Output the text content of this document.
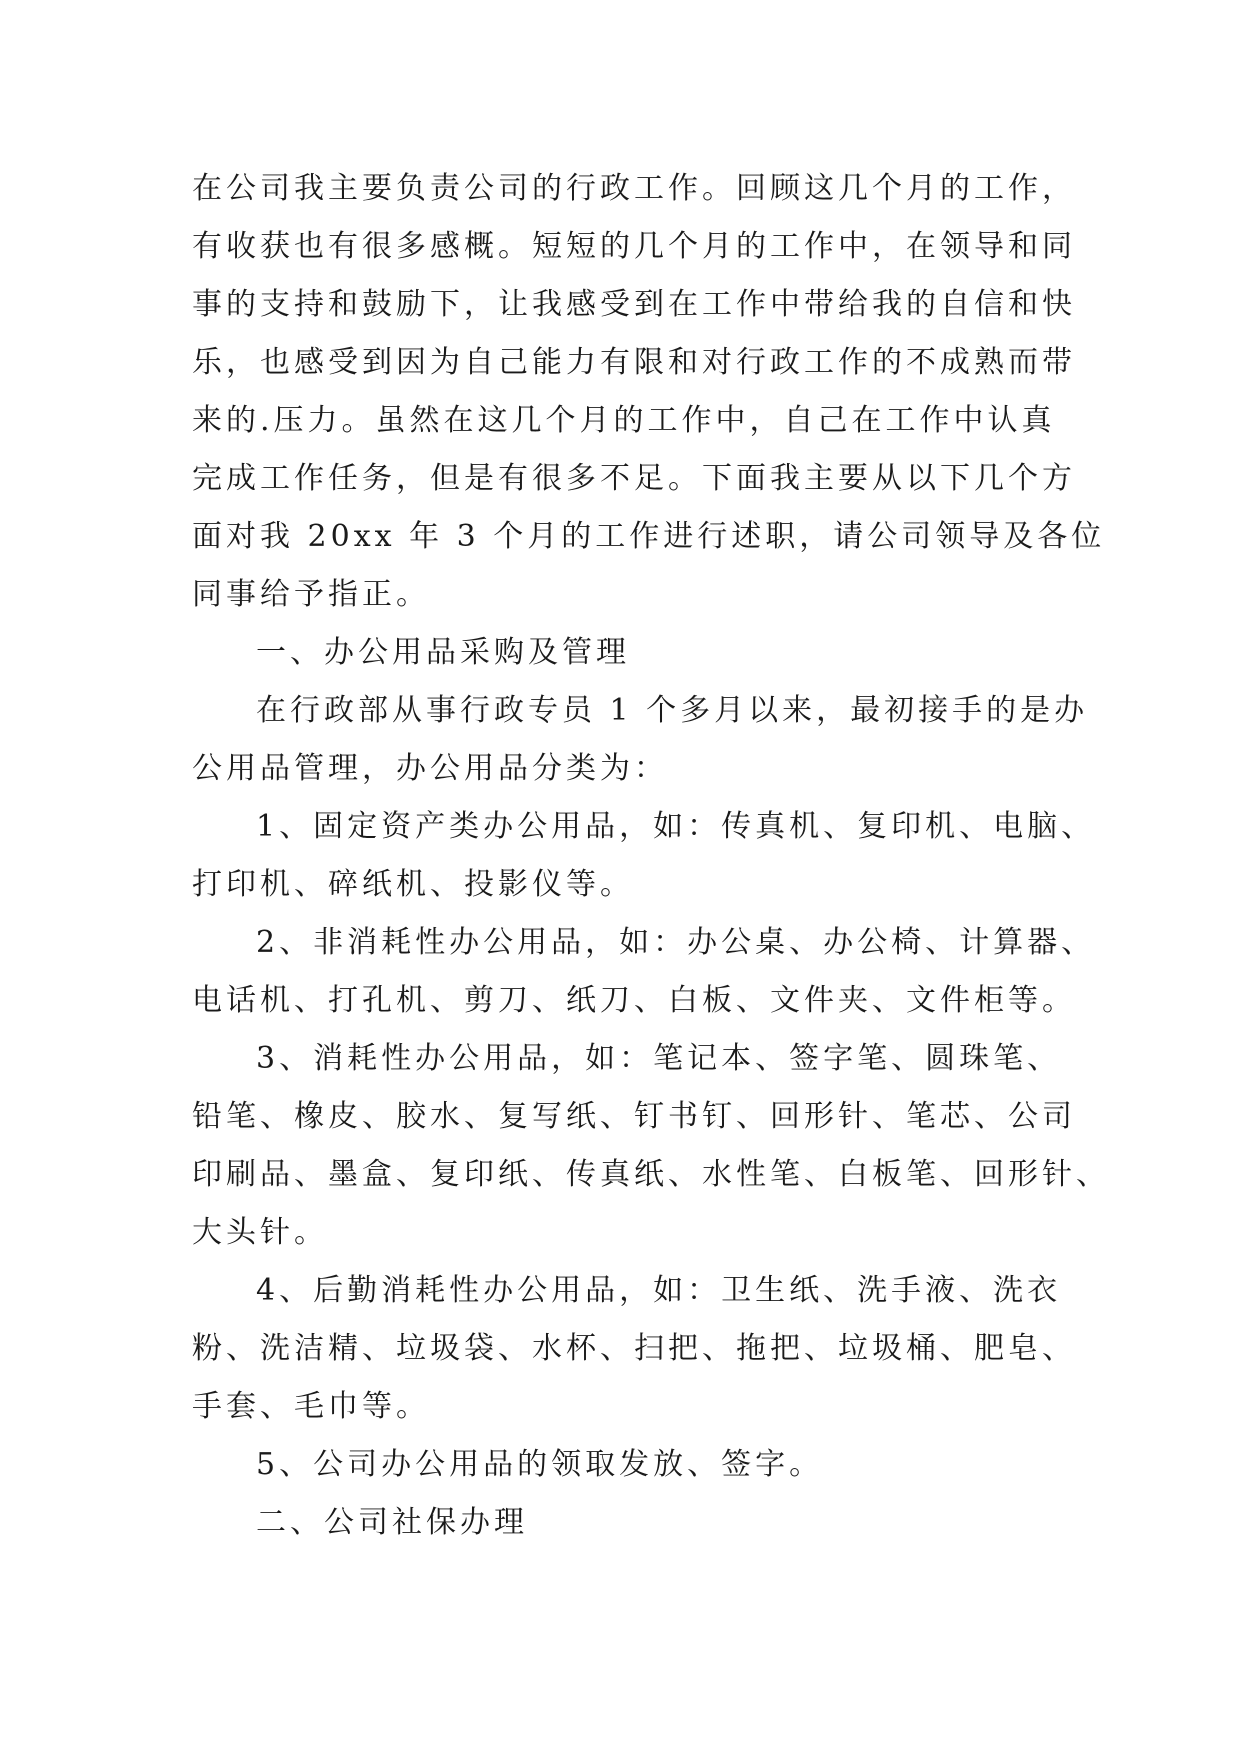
在公司我主要负责公司的行政工作。回顾这几个月的工作，
有收获也有很多感概。短短的几个月的工作中，在领导和同
事的支持和鼓励下，让我感受到在工作中带给我的自信和快
乐，也感受到因为自己能力有限和对行政工作的不成熟而带
来的.压力。虽然在这几个月的工作中，自己在工作中认真
完成工作任务，但是有很多不足。下面我主要从以下几个方
面对我 20xx 年 3 个月的工作进行述职，请公司领导及各位
同事给予指正。
一、办公用品采购及管理
在行政部从事行政专员 1 个多月以来，最初接手的是办
公用品管理，办公用品分类为：
1、固定资产类办公用品，如：传真机、复印机、电脑、
打印机、碎纸机、投影仪等。
2、非消耗性办公用品，如：办公桌、办公椅、计算器、
电话机、打孔机、剪刀、纸刀、白板、文件夹、文件柜等。
3、消耗性办公用品，如：笔记本、签字笔、圆珠笔、
铅笔、橡皮、胶水、复写纸、钉书钉、回形针、笔芯、公司
印刷品、墨盒、复印纸、传真纸、水性笔、白板笔、回形针、
大头针。
4、后勤消耗性办公用品，如：卫生纸、洗手液、洗衣
粉、洗洁精、垃圾袋、水杯、扫把、拖把、垃圾桶、肥皂、
手套、毛巾等。
5、公司办公用品的领取发放、签字。
二、公司社保办理
